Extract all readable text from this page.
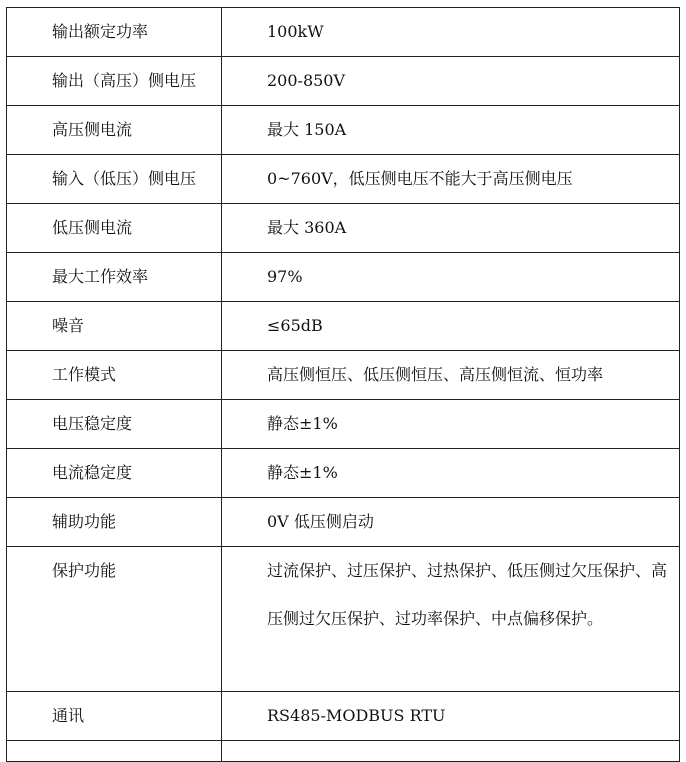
输出额定功率	100kW
输出（高压）侧电压	200-850V
高压侧电流	最大 150A
输入（低压）侧电压	0~760V，低压侧电压不能大于高压侧电压
低压侧电流	最大 360A
最大工作效率	97%
噪音	≤65dB
工作模式	高压侧恒压、低压侧恒压、高压侧恒流、恒功率
电压稳定度	静态±1%
电流稳定度	静态±1%
辅助功能	0V 低压侧启动
保护功能	过流保护、过压保护、过热保护、低压侧过欠压保护、高压侧过欠压保护、过功率保护、中点偏移保护。
通讯	RS485-MODBUS RTU
